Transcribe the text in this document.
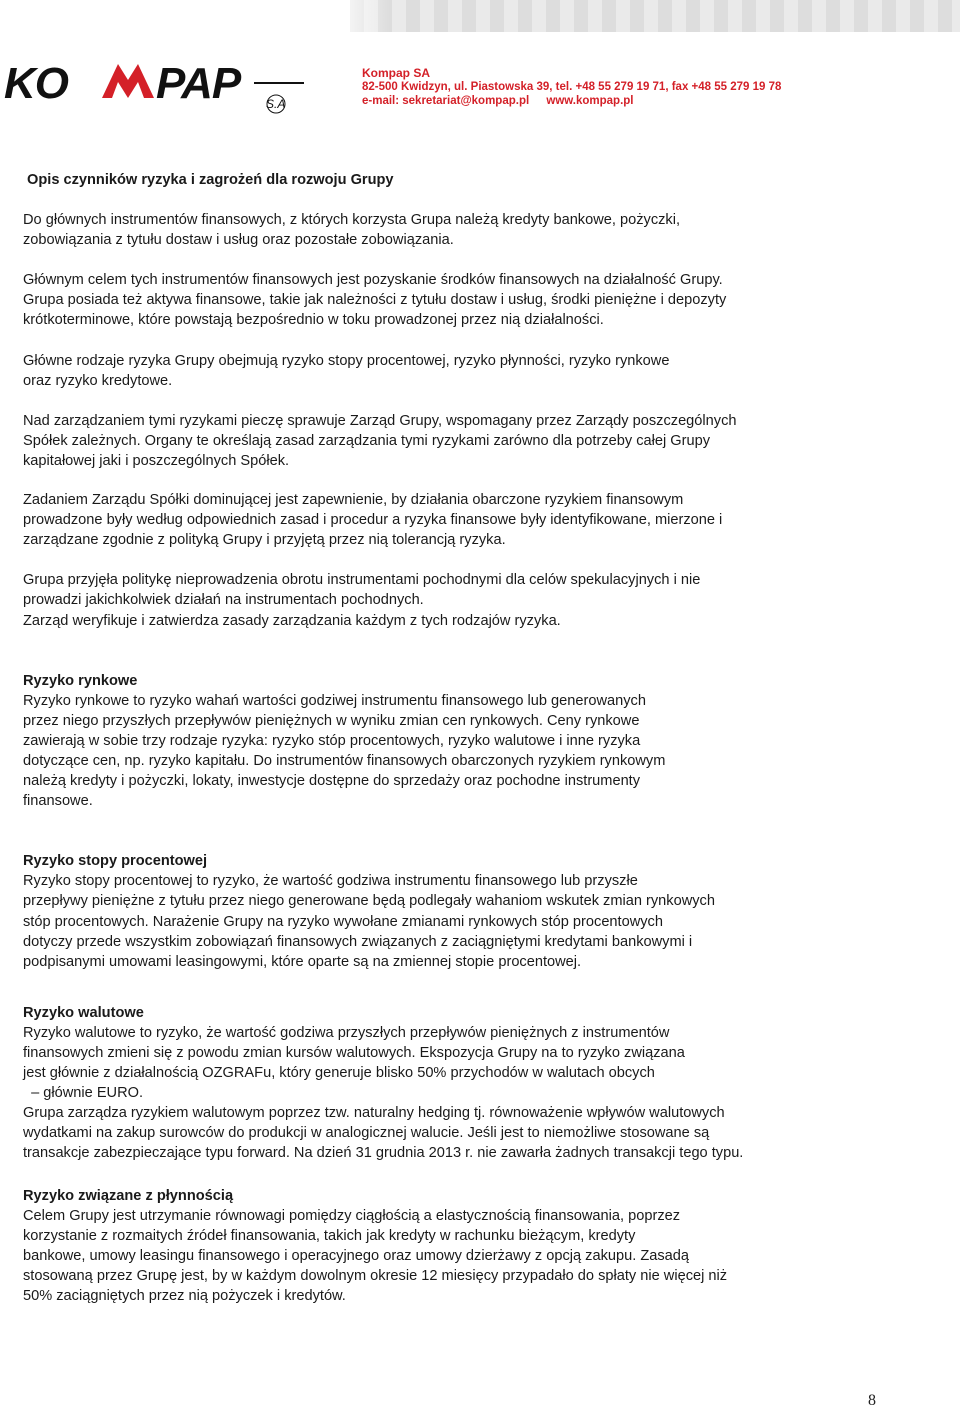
KO PAP S.A
Kompap SA
82-500 Kwidzyn, ul. Piastowska 39, tel. +48 55 279 19 71, fax +48 55 279 19 78
e-mail: sekretariat@kompap.pl www.kompap.pl
Opis czynników ryzyka i zagrożeń dla rozwoju Grupy

Do głównych instrumentów finansowych, z których korzysta Grupa należą kredyty bankowe, pożyczki,

zobowiązania z tytułu dostaw i usług oraz pozostałe zobowiązania.

Głównym celem tych instrumentów finansowych jest pozyskanie środków finansowych na działalność Grupy.

Grupa posiada też aktywa finansowe, takie jak należności z tytułu dostaw i usług, środki pieniężne i depozyty

krótkoterminowe, które powstają bezpośrednio w toku prowadzonej przez nią działalności.

Główne rodzaje ryzyka Grupy obejmują ryzyko stopy procentowej, ryzyko płynności, ryzyko rynkowe

oraz ryzyko kredytowe.

Nad zarządzaniem tymi ryzykami pieczę sprawuje Zarząd Grupy, wspomagany przez Zarządy poszczególnych

Spółek zależnych. Organy te określają zasad zarządzania tymi ryzykami zarówno dla potrzeby całej Grupy

kapitałowej jaki i poszczególnych Spółek.

Zadaniem Zarządu Spółki dominującej jest zapewnienie, by działania obarczone ryzykiem finansowym

prowadzone były według odpowiednich zasad i procedur a ryzyka finansowe były identyfikowane, mierzone i

zarządzane zgodnie z polityką Grupy i przyjętą przez nią tolerancją ryzyka.

Grupa przyjęła politykę nieprowadzenia obrotu instrumentami pochodnymi dla celów spekulacyjnych i nie

prowadzi jakichkolwiek działań na instrumentach pochodnych.

Zarząd weryfikuje i zatwierdza zasady zarządzania każdym z tych rodzajów ryzyka.

Ryzyko rynkowe

Ryzyko rynkowe to ryzyko wahań wartości godziwej instrumentu finansowego lub generowanych

przez niego przyszłych przepływów pieniężnych w wyniku zmian cen rynkowych. Ceny rynkowe

zawierają w sobie trzy rodzaje ryzyka: ryzyko stóp procentowych, ryzyko walutowe i inne ryzyka

dotyczące cen, np. ryzyko kapitału. Do instrumentów finansowych obarczonych ryzykiem rynkowym

należą kredyty i pożyczki, lokaty, inwestycje dostępne do sprzedaży oraz pochodne instrumenty

finansowe.

Ryzyko stopy procentowej

Ryzyko stopy procentowej to ryzyko, że wartość godziwa instrumentu finansowego lub przyszłe

przepływy pieniężne z tytułu przez niego generowane będą podlegały wahaniom wskutek zmian rynkowych

stóp procentowych. Narażenie Grupy na ryzyko wywołane zmianami rynkowych stóp procentowych

dotyczy przede wszystkim zobowiązań finansowych związanych z zaciągniętymi kredytami bankowymi i

podpisanymi umowami leasingowymi, które oparte są na zmiennej stopie procentowej.

Ryzyko walutowe

Ryzyko walutowe to ryzyko, że wartość godziwa przyszłych przepływów pieniężnych z instrumentów

finansowych zmieni się z powodu zmian kursów walutowych. Ekspozycja Grupy na to ryzyko związana

jest głównie z działalnością OZGRAFu, który generuje blisko 50% przychodów w walutach obcych

– głównie EURO.

Grupa zarządza ryzykiem walutowym poprzez tzw. naturalny hedging tj. równoważenie wpływów walutowych

wydatkami na zakup surowców do produkcji w analogicznej walucie. Jeśli jest to niemożliwe stosowane są

transakcje zabezpieczające typu forward. Na dzień 31 grudnia 2013 r. nie zawarła żadnych transakcji tego typu.

Ryzyko związane z płynnością

Celem Grupy jest utrzymanie równowagi pomiędzy ciągłością a elastycznością finansowania, poprzez

korzystanie z rozmaitych źródeł finansowania, takich jak kredyty w rachunku bieżącym, kredyty

bankowe, umowy leasingu finansowego i operacyjnego oraz umowy dzierżawy z opcją zakupu. Zasadą

stosowaną przez Grupę jest, by w każdym dowolnym okresie 12 miesięcy przypadało do spłaty nie więcej niż

50% zaciągniętych przez nią pożyczek i kredytów.

8
